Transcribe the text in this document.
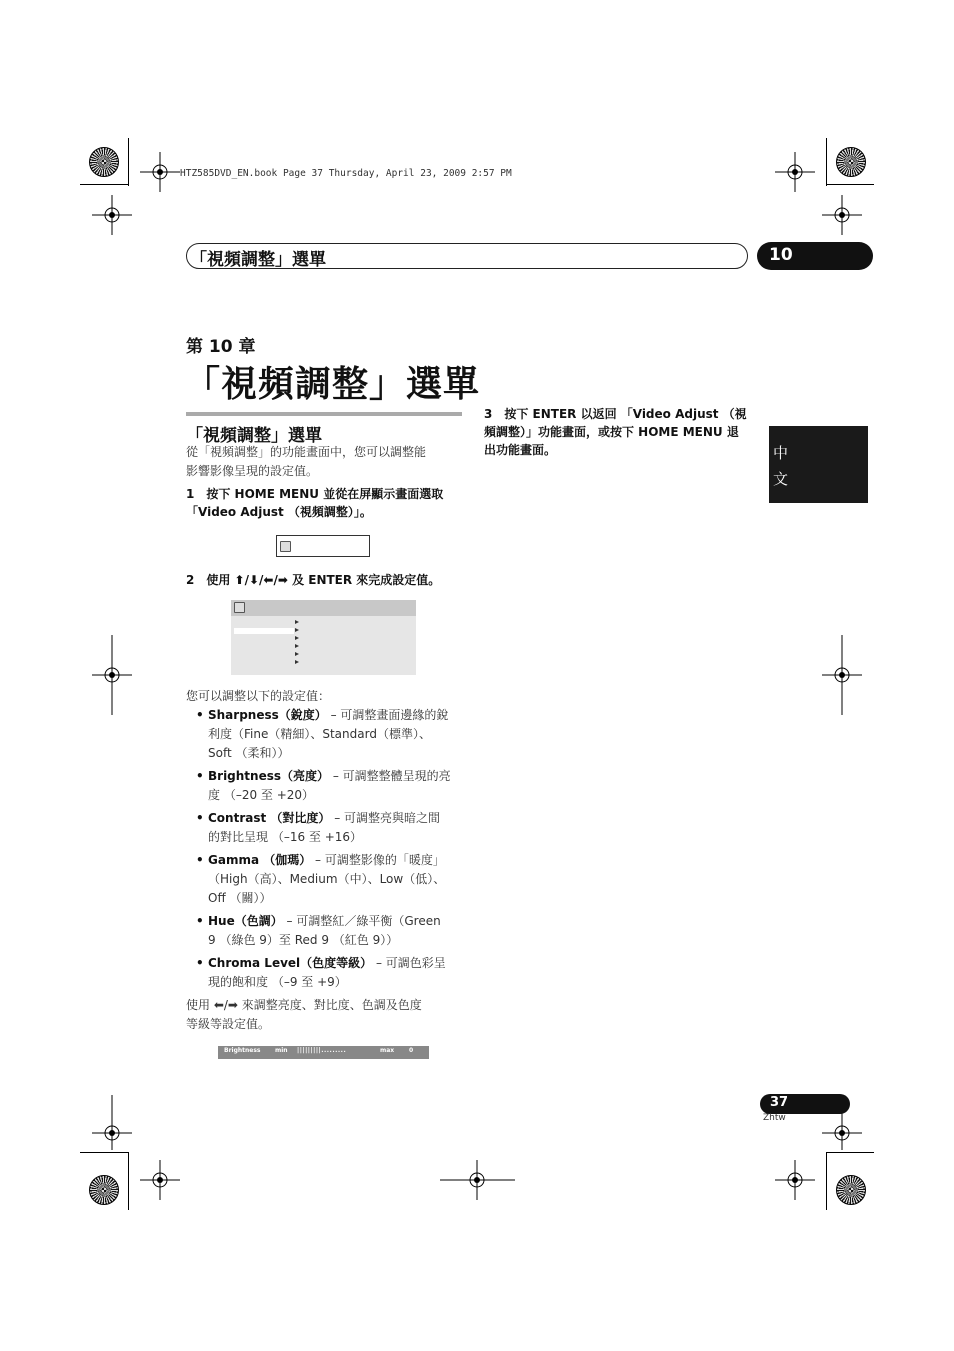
HTZ585DVD_EN.book Page 37 Thursday, April 23, 2009 2:57 PM
「視頻調整」選單	10
第 10 章
「視頻調整」選單
「視頻調整」選單
從「視頻調整」的功能畫面中，您可以調整能
影響影像呈現的設定值。
1　按下 HOME MENU 並從在屏顯示畫面選取
「Video Adjust （視頻調整）」。
2　使用 ⬆/⬇/⬅/➡ 及 ENTER 來完成設定值。
您可以調整以下的設定值：
• Sharpness（銳度） – 可調整畫面邊緣的銳
利度（Fine（精細）、Standard（標準）、
Soft （柔和））
• Brightness（亮度） – 可調整整體呈現的亮
度 （–20 至 +20）
• Contrast （對比度） – 可調整亮與暗之間
的對比呈現 （–16 至 +16）
• Gamma （伽瑪） – 可調整影像的「暖度」
（High（高）、Medium（中）、Low（低）、
Off （關））
• Hue（色調） – 可調整紅／綠平衡（Green
9 （綠色 9）至 Red 9 （紅色 9））
• Chroma Level（色度等級） – 可調色彩呈
現的飽和度 （–9 至 +9）
使用 ⬅/➡ 來調整亮度、對比度、色調及色度
等級等設定值。
Brightness min |||||||||.........	max 0
3　按下 ENTER 以返回 「Video Adjust （視
頻調整）」功能畫面，或按下 HOME MENU 退
出功能畫面。	中
文
37
Zhtw
